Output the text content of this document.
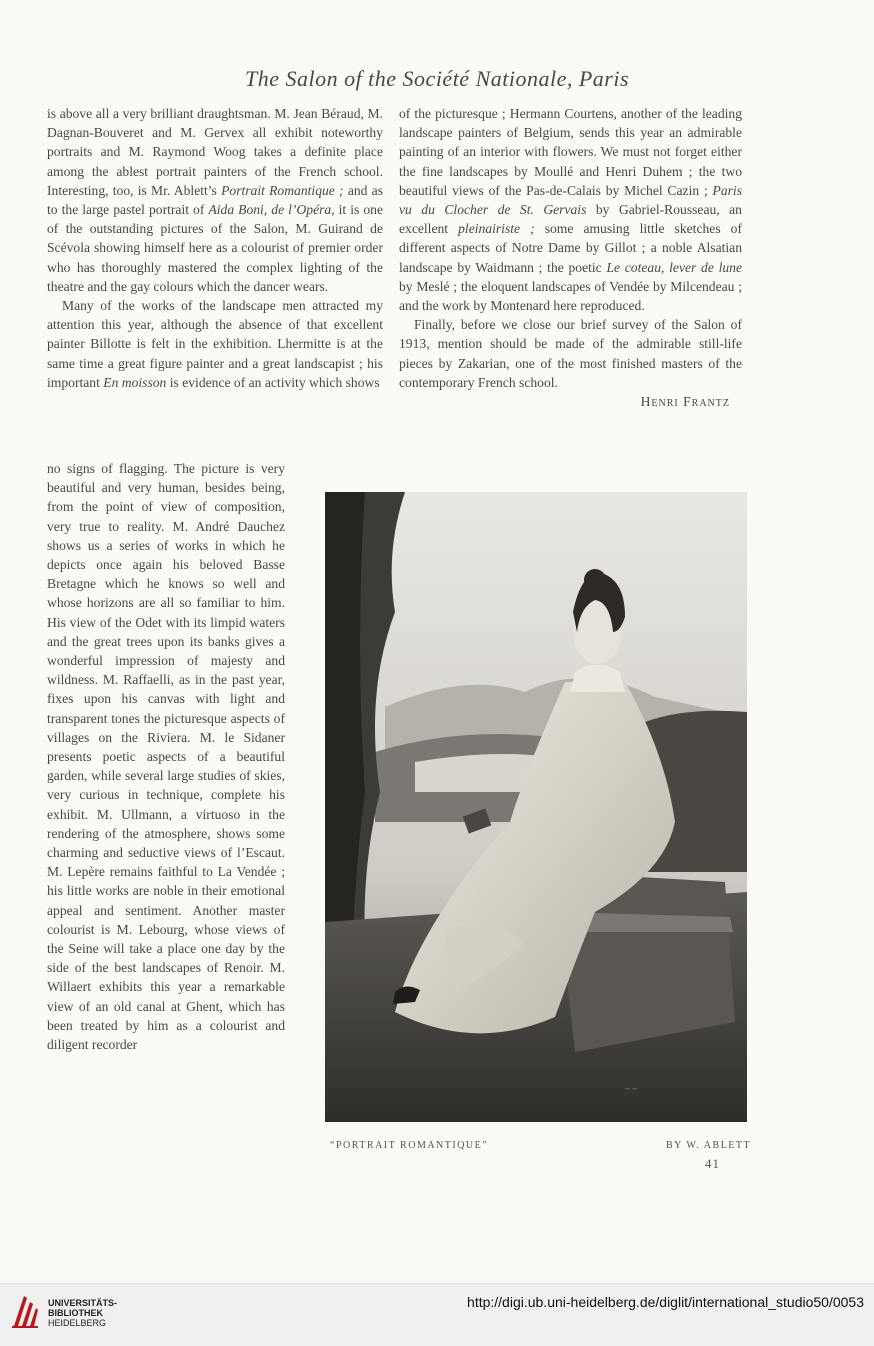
The Salon of the Société Nationale, Paris

is above all a very brilliant draughtsman. M. Jean Béraud, M. Dagnan-Bouveret and M. Gervex all exhibit noteworthy portraits and M. Raymond Woog takes a definite place among the ablest portrait painters of the French school. Interesting, too, is Mr. Ablett’s Portrait Romantique ; and as to the large pastel portrait of Aida Boni, de l’Opéra, it is one of the outstanding pictures of the Salon, M. Guirand de Scévola showing himself here as a colourist of premier order who has thoroughly mastered the complex lighting of the theatre and the gay colours which the dancer wears.

Many of the works of the landscape men attracted my attention this year, although the absence of that excellent painter Billotte is felt in the exhibition. Lhermitte is at the same time a great figure painter and a great landscapist ; his important En moisson is evidence of an activity which shows

no signs of flagging. The picture is very beautiful and very human, besides being, from the point of view of composition, very true to reality. M. André Dauchez shows us a series of works in which he depicts once again his beloved Basse Bretagne which he knows so well and whose horizons are all so familiar to him. His view of the Odet with its limpid waters and the great trees upon its banks gives a wonderful impression of majesty and wildness. M. Raffaelli, as in the past year, fixes upon his canvas with light and transparent tones the picturesque aspects of villages on the Riviera. M. le Sidaner presents poetic aspects of a beautiful garden, while several large studies of skies, very curious in technique, complete his exhibit. M. Ullmann, a virtuoso in the rendering of the atmosphere, shows some charming and seductive views of l’Escaut. M. Lepère remains faithful to La Vendée ; his little works are noble in their emotional appeal and sentiment. Another master colourist is M. Lebourg, whose views of the Seine will take a place one day by the side of the best landscapes of Renoir. M. Willaert exhibits this year a remarkable view of an old canal at Ghent, which has been treated by him as a colourist and diligent recorder

of the picturesque ; Hermann Courtens, another of the leading landscape painters of Belgium, sends this year an admirable painting of an interior with flowers. We must not forget either the fine landscapes by Moullé and Henri Duhem ; the two beautiful views of the Pas-de-Calais by Michel Cazin ; Paris vu du Clocher de St. Gervais by Gabriel-Rousseau, an excellent pleinairiste ; some amusing little sketches of different aspects of Notre Dame by Gillot ; a noble Alsatian landscape by Waidmann ; the poetic Le coteau, lever de lune by Meslé ; the eloquent landscapes of Vendée by Milcendeau ; and the work by Montenard here reproduced.

Finally, before we close our brief survey of the Salon of 1913, mention should be made of the admirable still-life pieces by Zakarian, one of the most finished masters of the contemporary French school.

Henri Frantz
~ ~
“PORTRAIT ROMANTIQUE”	BY W. ABLETT
41
UNIVERSITÄTS-
BIBLIOTHEK
HEIDELBERG
http://digi.ub.uni-heidelberg.de/diglit/international_studio50/0053
